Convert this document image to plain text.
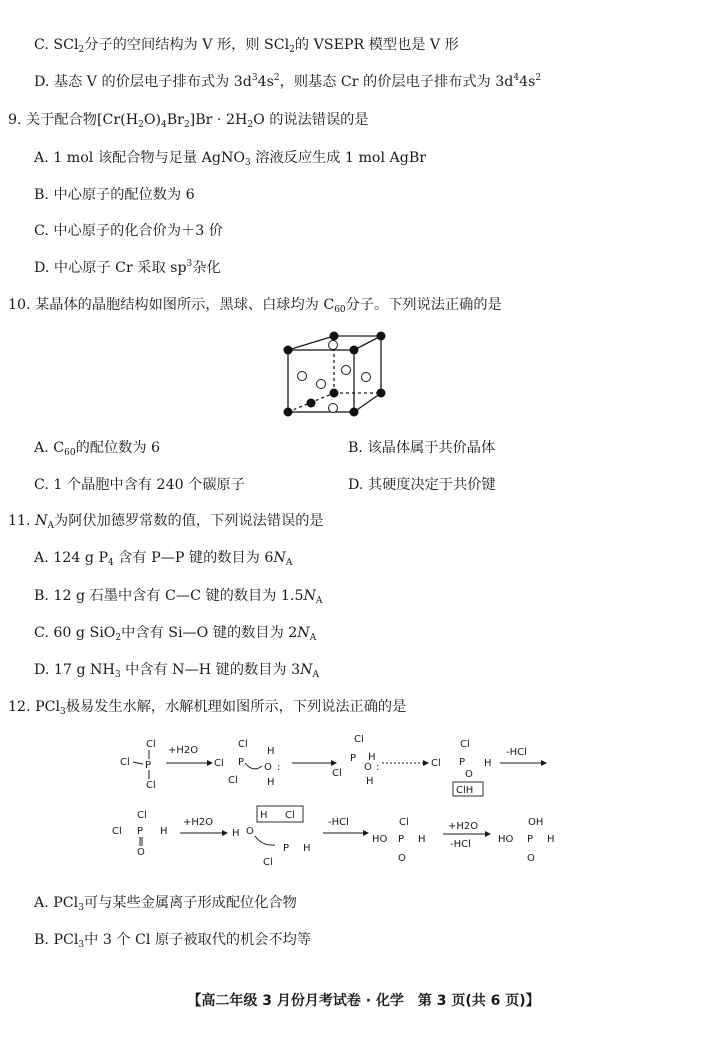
C. SCl$_2$分子的空间结构为 V 形，则 SCl$_2$的 VSEPR 模型也是 V 形
D. 基态 V 的价层电子排布式为 $3d^34s^2$，则基态 Cr 的价层电子排布式为 $3d^44s^2$
9. 关于配合物$[Cr(H_2O)_4Br_2]Br \cdot 2H_2O$ 的说法错误的是
A. 1 mol 该配合物与足量 AgNO$_3$ 溶液反应生成 1 mol AgBr
B. 中心原子的配位数为 6
C. 中心原子的化合价为＋3 价
D. 中心原子 Cr 采取 $sp^3$杂化
10. 某晶体的晶胞结构如图所示，黑球、白球均为 $C_{60}$分子。下列说法正确的是
A. $C_{60}$的配位数为 6	B. 该晶体属于共价晶体
C. 1 个晶胞中含有 240 个碳原子	D. 其硬度决定于共价键
11. $N_A$为阿伏加德罗常数的值，下列说法错误的是
A. 124 g $P_4$ 含有 P—P 键的数目为 $6N_A$
B. 12 g 石墨中含有 C—C 键的数目为 $1.5N_A$
C. 60 g SiO$_2$中含有 Si—O 键的数目为 $2N_A$
D. 17 g $NH_3$ 中含有 N—H 键的数目为 $3N_A$
12. PCl$_3$极易发生水解，水解机理如图所示，下列说法正确的是
Cl
Cl P
Cl
+H2O
Cl
Cl P
Cl
H
O
H
:
Cl
P
Cl
H
O
H
:
Cl
Cl P H
O
ClH
-HCl
Cl
Cl P H
O
+H2O
H Cl
H O
P H
Cl
-HCl	Cl
HO P H
O
+H2O
-HCl
OH
HO P H
O
A. PCl$_3$可与某些金属离子形成配位化合物
B. PCl$_3$中 3 个 Cl 原子被取代的机会不均等
【高二年级 3 月份月考试卷 · 化学　第 3 页(共 6 页)】
